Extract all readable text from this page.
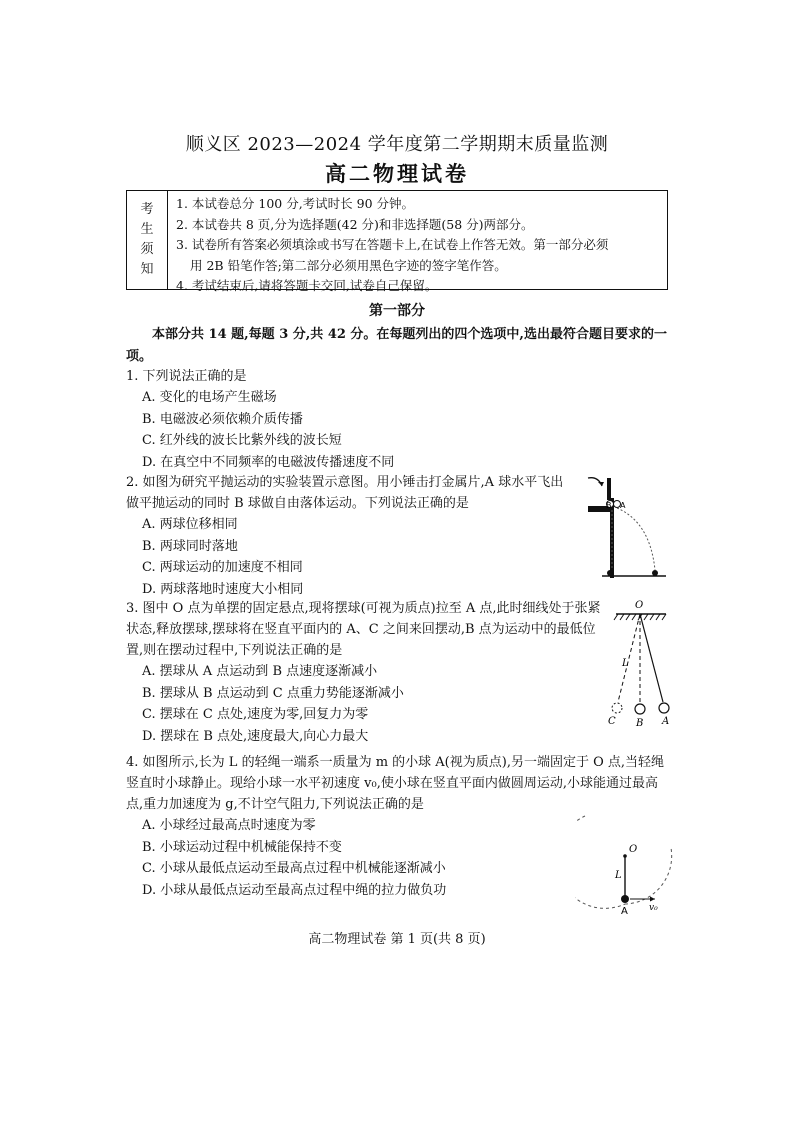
顺义区 2023—2024 学年度第二学期期末质量监测
高二物理试卷
考
生
须
知
1. 本试卷总分 100 分,考试时长 90 分钟。
2. 本试卷共 8 页,分为选择题(42 分)和非选择题(58 分)两部分。
3. 试卷所有答案必须填涂或书写在答题卡上,在试卷上作答无效。第一部分必须
用 2B 铅笔作答;第二部分必须用黑色字迹的签字笔作答。
4. 考试结束后,请将答题卡交回,试卷自己保留。
第一部分
本部分共 14 题,每题 3 分,共 42 分。在每题列出的四个选项中,选出最符合题目要求的一项。
1. 下列说法正确的是
A. 变化的电场产生磁场
B. 电磁波必须依赖介质传播
C. 红外线的波长比紫外线的波长短
D. 在真空中不同频率的电磁波传播速度不同
2. 如图为研究平抛运动的实验装置示意图。用小锤击打金属片,A 球水平飞出做平抛运动的同时 B 球做自由落体运动。下列说法正确的是
A. 两球位移相同
B. 两球同时落地
C. 两球运动的加速度不相同
D. 两球落地时速度大小相同
B A
3. 图中 O 点为单摆的固定悬点,现将摆球(可视为质点)拉至 A 点,此时细线处于张紧状态,释放摆球,摆球将在竖直平面内的 A、C 之间来回摆动,B 点为运动中的最低位置,则在摆动过程中,下列说法正确的是
A. 摆球从 A 点运动到 B 点速度逐渐减小
B. 摆球从 B 点运动到 C 点重力势能逐渐减小
C. 摆球在 C 点处,速度为零,回复力为零
D. 摆球在 B 点处,速度最大,向心力最大
O
L
C B A
4. 如图所示,长为 L 的轻绳一端系一质量为 m 的小球 A(视为质点),另一端固定于 O 点,当轻绳竖直时小球静止。现给小球一水平初速度 v₀,使小球在竖直平面内做圆周运动,小球能通过最高点,重力加速度为 g,不计空气阻力,下列说法正确的是
A. 小球经过最高点时速度为零
B. 小球运动过程中机械能保持不变
C. 小球从最低点运动至最高点过程中机械能逐渐减小
D. 小球从最低点运动至最高点过程中绳的拉力做负功
O
L
A v₀
高二物理试卷 第 1 页(共 8 页)
